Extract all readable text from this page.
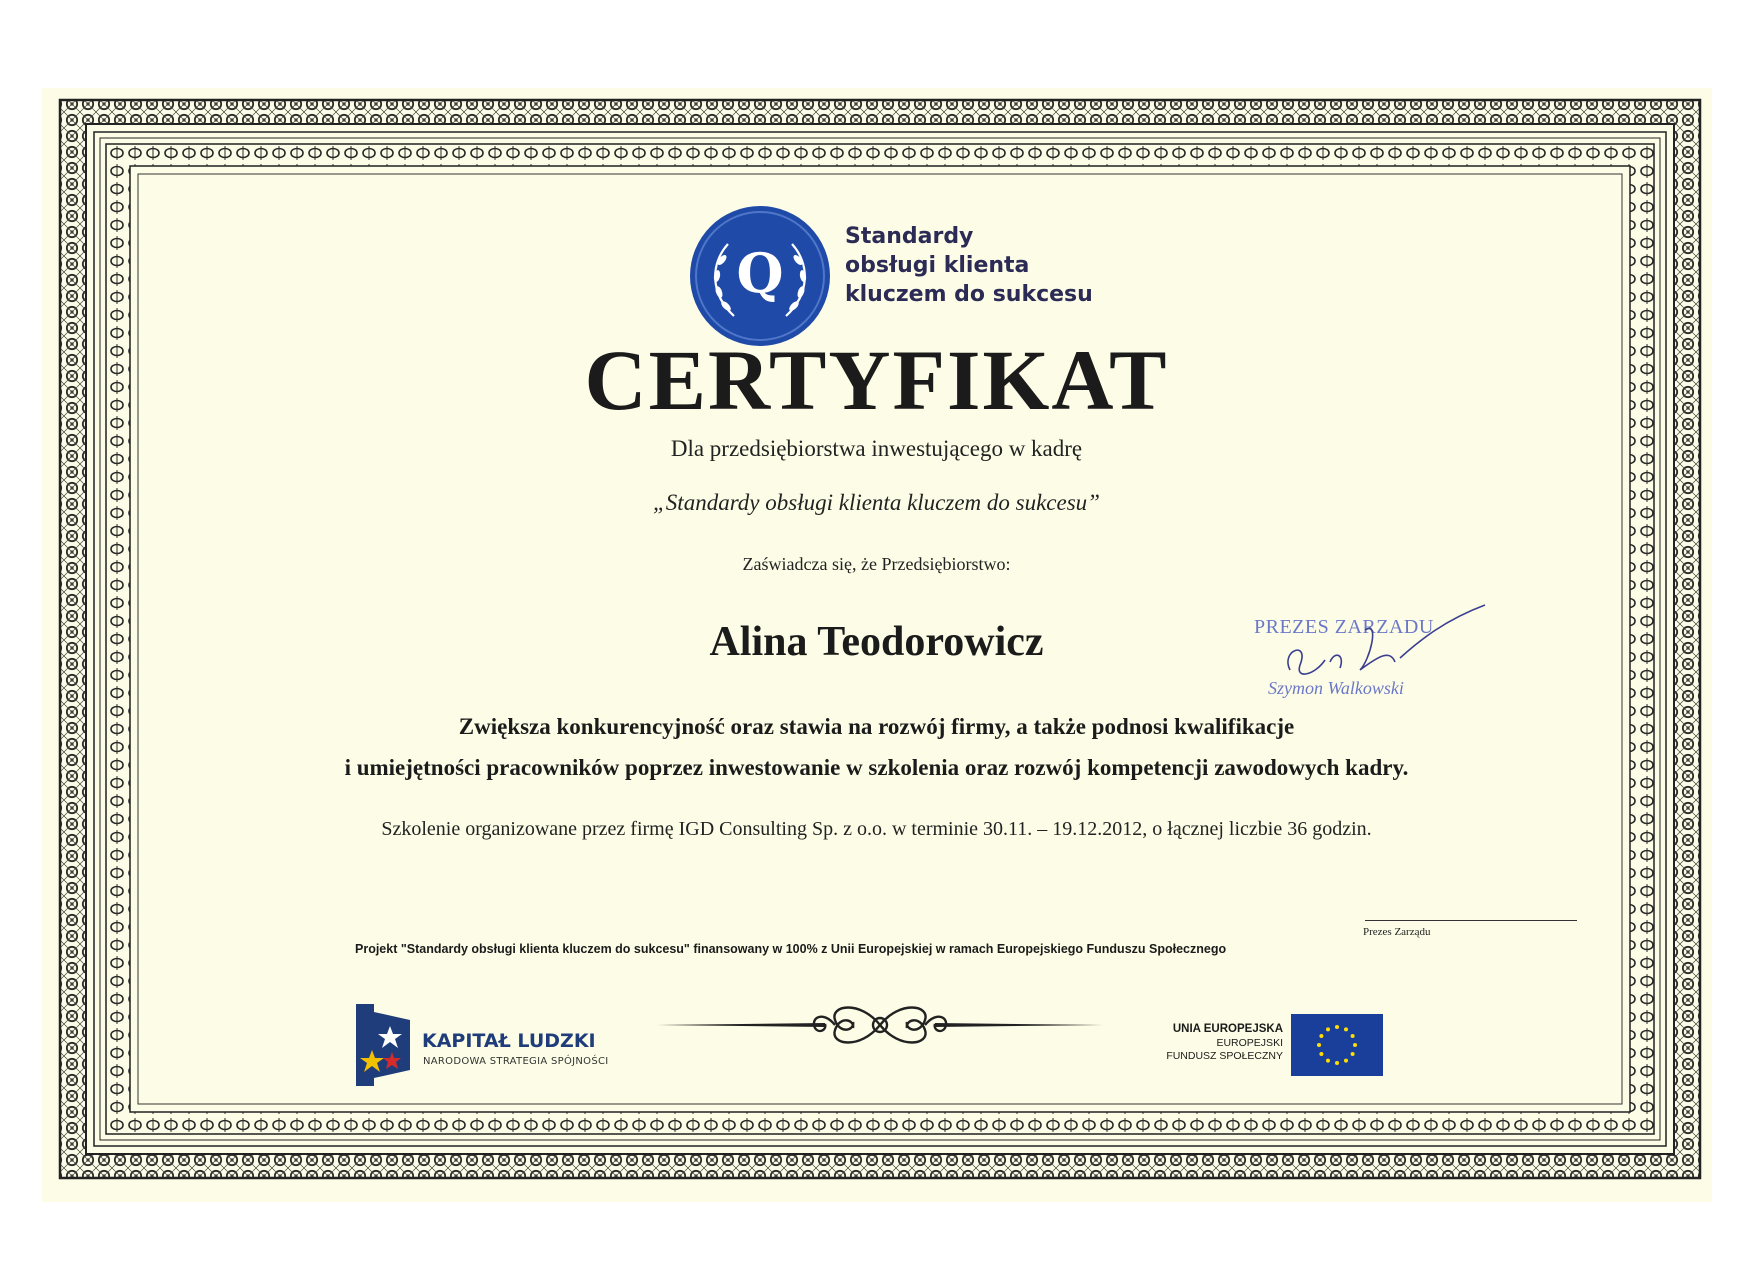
Q
Standardy
obsługi klienta
kluczem do sukcesu
CERTYFIKAT
Dla przedsiębiorstwa inwestującego w kadrę
„Standardy obsługi klienta kluczem do sukcesu”
Zaświadcza się, że Przedsiębiorstwo:
Alina Teodorowicz
Zwiększa konkurencyjność oraz stawia na rozwój firmy, a także podnosi kwalifikacje
i umiejętności pracowników poprzez inwestowanie w szkolenia oraz rozwój kompetencji zawodowych kadry.
Szkolenie organizowane przez firmę IGD Consulting Sp. z o.o. w terminie 30.11. – 19.12.2012, o łącznej liczbie 36 godzin.
PREZES ZARZADU
Szymon Walkowski
Prezes Zarządu
Projekt "Standardy obsługi klienta kluczem do sukcesu" finansowany w 100% z Unii Europejskiej w ramach Europejskiego Funduszu Społecznego
KAPITAŁ LUDZKI
NARODOWA STRATEGIA SPÓJNOŚCI
UNIA EUROPEJSKA
EUROPEJSKI
FUNDUSZ SPOŁECZNY
